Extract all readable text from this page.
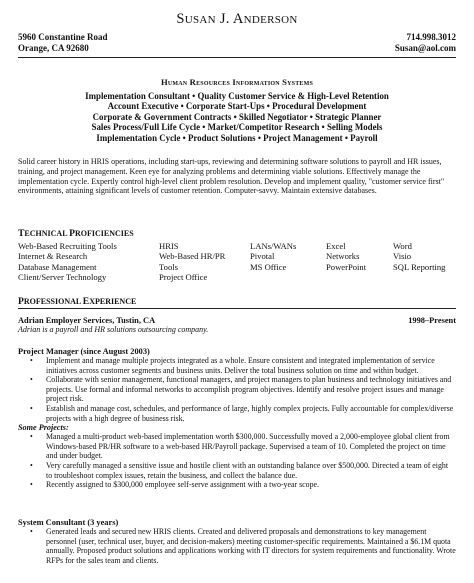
SUSAN J. ANDERSON
5960 Constantine Road
Orange, CA 92680
714.998.3012
Susan@aol.com
Human Resources Information Systems
Implementation Consultant • Quality Customer Service & High-Level Retention
Account Executive • Corporate Start-Ups • Procedural Development
Corporate & Government Contracts • Skilled Negotiator • Strategic Planner
Sales Process/Full Life Cycle • Market/Competitor Research • Selling Models
Implementation Cycle • Product Solutions • Project Management • Payroll
Solid career history in HRIS operations, including start-ups, reviewing and determining software solutions to payroll and HR issues, training, and project management. Keen eye for analyzing problems and determining viable solutions. Effectively manage the implementation cycle. Expertly control high-level client problem resolution. Develop and implement quality, "customer service first" environments, attaining significant levels of customer retention. Computer-savvy. Maintain extensive databases.
TECHNICAL PROFICIENCIES
Web-Based Recruiting Tools
Internet & Research
Database Management
Client/Server Technology
HRIS
Web-Based HR/PR
Tools
Project Office
LANs/WANs
Pivotal
MS Office
Excel
Networks
PowerPoint
Word
Visio
SQL Reporting
PROFESSIONAL EXPERIENCE
Adrian Employer Services, Tustin, CA
Adrian is a payroll and HR solutions outsourcing company.
1998–Present
Project Manager (since August 2003)
• Implement and manage multiple projects integrated as a whole. Ensure consistent and integrated implementation of service initiatives across customer segments and business units. Deliver the total business solution on time and within budget.
• Collaborate with senior management, functional managers, and project managers to plan business and technology initiatives and projects. Use formal and informal networks to accomplish program objectives. Identify and resolve project issues and manage project risk.
• Establish and manage cost, schedules, and performance of large, highly complex projects. Fully accountable for complex/diverse projects with a high degree of business risk.
Some Projects:
• Managed a multi-product web-based implementation worth $300,000. Successfully moved a 2,000-employee global client from Windows-based PR/HR software to a web-based HR/Payroll package. Supervised a team of 10. Completed the project on time and under budget.
• Very carefully managed a sensitive issue and hostile client with an outstanding balance over $500,000. Directed a team of eight to troubleshoot complex issues, retain the business, and collect the balance due.
• Recently assigned to $300,000 employee self-serve assignment with a two-year scope.
System Consultant (3 years)
• Generated leads and secured new HRIS clients. Created and delivered proposals and demonstrations to key management personnel (user, technical user, buyer, and decision-makers) meeting customer-specific requirements. Maintained a $6.1M quota annually. Proposed product solutions and applications working with IT directors for system requirements and functionality. Wrote RFPs for the sales team and clients.
